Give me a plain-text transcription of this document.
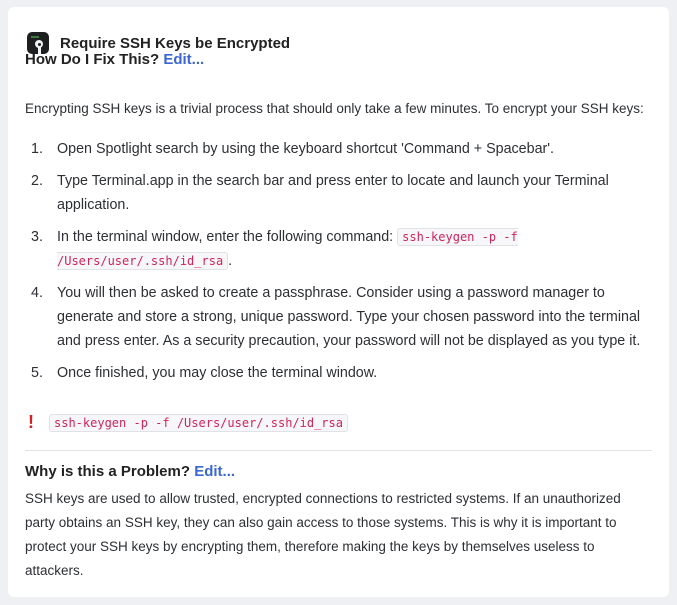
Require SSH Keys be Encrypted
How Do I Fix This? Edit...

Encrypting SSH keys is a trivial process that should only take a few minutes. To encrypt your SSH keys:

1. Open Spotlight search by using the keyboard shortcut 'Command + Spacebar'.
2. Type Terminal.app in the search bar and press enter to locate and launch your Terminal application.
3. In the terminal window, enter the following command: ssh-keygen -p -f /Users/user/.ssh/id_rsa .
4. You will then be asked to create a passphrase. Consider using a password manager to generate and store a strong, unique password. Type your chosen password into the terminal and press enter. As a security precaution, your password will not be displayed as you type it.
5. Once finished, you may close the terminal window.
!	ssh-keygen -p -f /Users/user/.ssh/id_rsa
Why is this a Problem? Edit...

SSH keys are used to allow trusted, encrypted connections to restricted systems. If an unauthorized party obtains an SSH key, they can also gain access to those systems. This is why it is important to protect your SSH keys by encrypting them, therefore making the keys by themselves useless to attackers.
